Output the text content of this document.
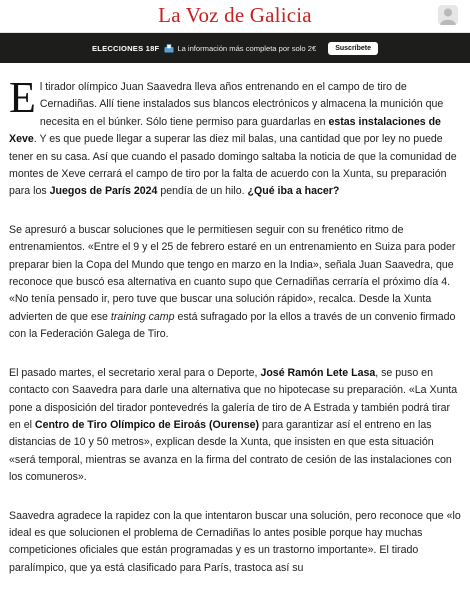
La Voz de Galicia
ELECCIONES 18F La información más completa por solo 2€	Suscríbete

El tirador olímpico Juan Saavedra lleva años entrenando en el campo de tiro de Cernadiñas. Allí tiene instalados sus blancos electrónicos y almacena la munición que necesita en el búnker. Sólo tiene permiso para guardarlas en estas instalaciones de Xeve. Y es que puede llegar a superar las diez mil balas, una cantidad que por ley no puede tener en su casa. Así que cuando el pasado domingo saltaba la noticia de que la comunidad de montes de Xeve cerrará el campo de tiro por la falta de acuerdo con la Xunta, su preparación para los Juegos de París 2024 pendía de un hilo. ¿Qué iba a hacer?

Se apresuró a buscar soluciones que le permitiesen seguir con su frenético ritmo de entrenamientos. «Entre el 9 y el 25 de febrero estaré en un entrenamiento en Suiza para poder preparar bien la Copa del Mundo que tengo en marzo en la India», señala Juan Saavedra, que reconoce que buscó esa alternativa en cuanto supo que Cernadiñas cerraría el próximo día 4. «No tenía pensado ir, pero tuve que buscar una solución rápido», recalca. Desde la Xunta advierten de que ese training camp está sufragado por la ellos a través de un convenio firmado con la Federación Galega de Tiro.

El pasado martes, el secretario xeral para o Deporte, José Ramón Lete Lasa, se puso en contacto con Saavedra para darle una alternativa que no hipotecase su preparación. «La Xunta pone a disposición del tirador pontevedrés la galería de tiro de A Estrada y también podrá tirar en el Centro de Tiro Olímpico de Eiroás (Ourense) para garantizar así el entreno en las distancias de 10 y 50 metros», explican desde la Xunta, que insisten en que esta situación «será temporal, mientras se avanza en la firma del contrato de cesión de las instalaciones con los comuneros».

Saavedra agradece la rapidez con la que intentaron buscar una solución, pero reconoce que «lo ideal es que solucionen el problema de Cernadiñas lo antes posible porque hay muchas competiciones oficiales que están programadas y es un trastorno importante». El tirado paralímpico, que ya está clasificado para París, trastoca así su
